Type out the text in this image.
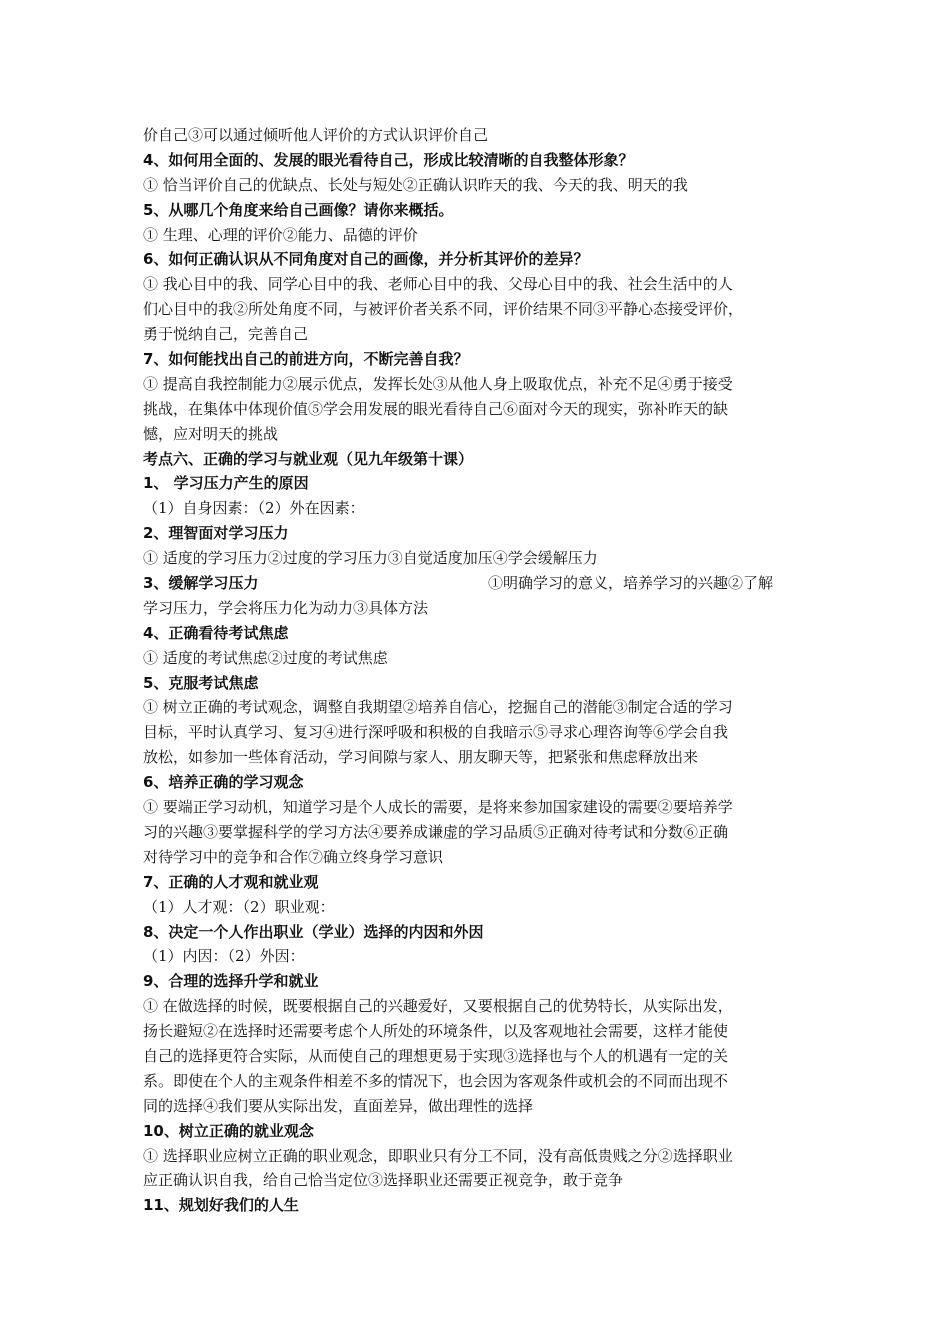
价自己③可以通过倾听他人评价的方式认识评价自己
4、如何用全面的、发展的眼光看待自己，形成比较清晰的自我整体形象？
① 恰当评价自己的优缺点、长处与短处②正确认识昨天的我、今天的我、明天的我
5、从哪几个角度来给自己画像？请你来概括。
① 生理、心理的评价②能力、品德的评价
6、如何正确认识从不同角度对自己的画像，并分析其评价的差异？
① 我心目中的我、同学心目中的我、老师心目中的我、父母心目中的我、社会生活中的人
们心目中的我②所处角度不同，与被评价者关系不同，评价结果不同③平静心态接受评价，
勇于悦纳自己，完善自己
7、如何能找出自己的前进方向，不断完善自我？
① 提高自我控制能力②展示优点，发挥长处③从他人身上吸取优点，补充不足④勇于接受
挑战，在集体中体现价值⑤学会用发展的眼光看待自己⑥面对今天的现实，弥补昨天的缺
憾，应对明天的挑战
考点六、正确的学习与就业观（见九年级第十课）
1、 学习压力产生的原因
（1）自身因素：（2）外在因素：
2、理智面对学习压力
① 适度的学习压力②过度的学习压力③自觉适度加压④学会缓解压力
3、缓解学习压力	①明确学习的意义，培养学习的兴趣②了解
学习压力，学会将压力化为动力③具体方法
4、正确看待考试焦虑
① 适度的考试焦虑②过度的考试焦虑
5、克服考试焦虑
① 树立正确的考试观念，调整自我期望②培养自信心，挖掘自己的潜能③制定合适的学习
目标，平时认真学习、复习④进行深呼吸和积极的自我暗示⑤寻求心理咨询等⑥学会自我
放松，如参加一些体育活动，学习间隙与家人、朋友聊天等，把紧张和焦虑释放出来
6、培养正确的学习观念
① 要端正学习动机，知道学习是个人成长的需要，是将来参加国家建设的需要②要培养学
习的兴趣③要掌握科学的学习方法④要养成谦虚的学习品质⑤正确对待考试和分数⑥正确
对待学习中的竞争和合作⑦确立终身学习意识
7、正确的人才观和就业观
（1）人才观：（2）职业观：
8、决定一个人作出职业（学业）选择的内因和外因
（1）内因：（2）外因：
9、合理的选择升学和就业
① 在做选择的时候，既要根据自己的兴趣爱好，又要根据自己的优势特长，从实际出发，
扬长避短②在选择时还需要考虑个人所处的环境条件，以及客观地社会需要，这样才能使
自己的选择更符合实际，从而使自己的理想更易于实现③选择也与个人的机遇有一定的关
系。即使在个人的主观条件相差不多的情况下，也会因为客观条件或机会的不同而出现不
同的选择④我们要从实际出发，直面差异，做出理性的选择
10、树立正确的就业观念
① 选择职业应树立正确的职业观念，即职业只有分工不同，没有高低贵贱之分②选择职业
应正确认识自我，给自己恰当定位③选择职业还需要正视竞争，敢于竞争
11、规划好我们的人生
